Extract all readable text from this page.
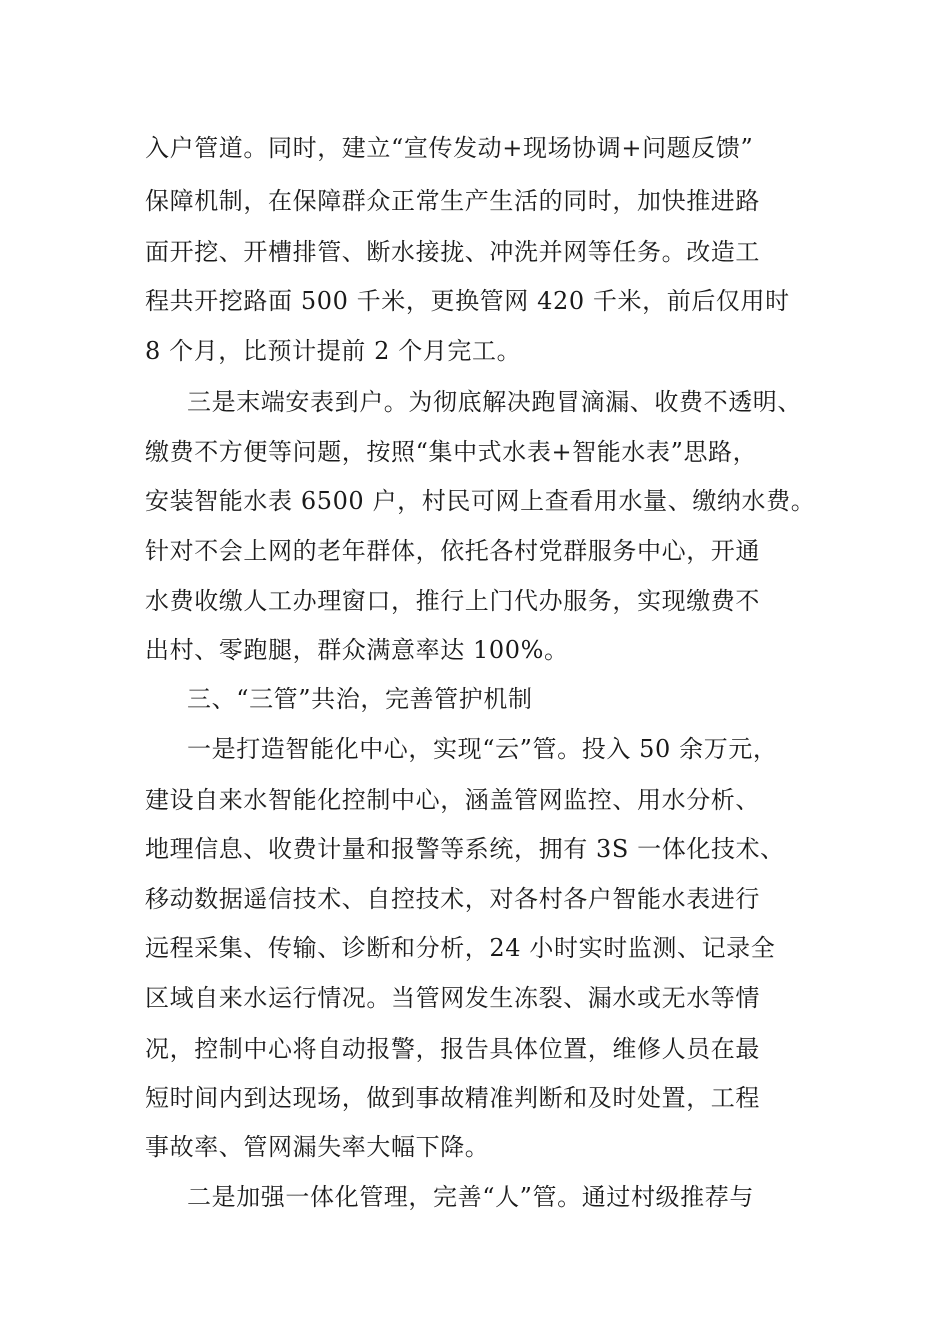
入户管道。同时，建立“宣传发动+现场协调+问题反馈”
保障机制，在保障群众正常生产生活的同时，加快推进路
面开挖、开槽排管、断水接拢、冲洗并网等任务。改造工
程共开挖路面 500 千米，更换管网 420 千米，前后仅用时
8 个月，比预计提前 2 个月完工。
三是末端安表到户。为彻底解决跑冒滴漏、收费不透明、
缴费不方便等问题，按照“集中式水表+智能水表”思路，
安装智能水表 6500 户，村民可网上查看用水量、缴纳水费。
针对不会上网的老年群体，依托各村党群服务中心，开通
水费收缴人工办理窗口，推行上门代办服务，实现缴费不
出村、零跑腿，群众满意率达 100%。
三、“三管”共治，完善管护机制
一是打造智能化中心，实现“云”管。投入 50 余万元，
建设自来水智能化控制中心，涵盖管网监控、用水分析、
地理信息、收费计量和报警等系统，拥有 3S 一体化技术、
移动数据遥信技术、自控技术，对各村各户智能水表进行
远程采集、传输、诊断和分析，24 小时实时监测、记录全
区域自来水运行情况。当管网发生冻裂、漏水或无水等情
况，控制中心将自动报警，报告具体位置，维修人员在最
短时间内到达现场，做到事故精准判断和及时处置，工程
事故率、管网漏失率大幅下降。
二是加强一体化管理，完善“人”管。通过村级推荐与
